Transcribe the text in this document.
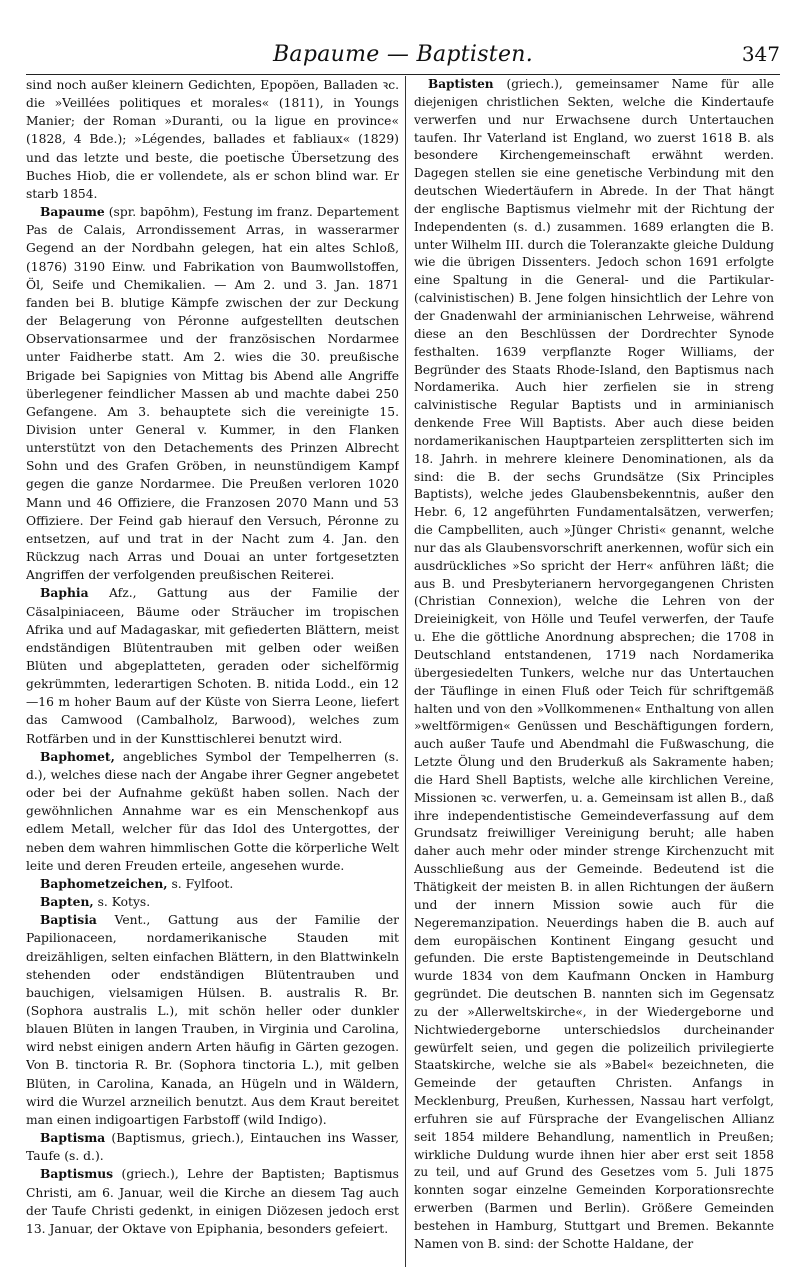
Bapaume — Baptisten.	347

sind noch außer kleinern Gedichten, Epopöen, Balladen ꝛc. die »Veillées politiques et morales« (1811), in Youngs Manier; der Roman »Duranti, ou la ligue en province« (1828, 4 Bde.); »Légendes, ballades et fabliaux« (1829) und das letzte und beste, die poetische Übersetzung des Buches Hiob, die er vollendete, als er schon blind war. Er starb 1854.

Bapaume (spr. bapōhm), Festung im franz. Departement Pas de Calais, Arrondissement Arras, in wasserarmer Gegend an der Nordbahn gelegen, hat ein altes Schloß, (1876) 3190 Einw. und Fabrikation von Baumwollstoffen, Öl, Seife und Chemikalien. — Am 2. und 3. Jan. 1871 fanden bei B. blutige Kämpfe zwischen der zur Deckung der Belagerung von Péronne aufgestellten deutschen Observationsarmee und der französischen Nordarmee unter Faidherbe statt. Am 2. wies die 30. preußische Brigade bei Sapignies von Mittag bis Abend alle Angriffe überlegener feindlicher Massen ab und machte dabei 250 Gefangene. Am 3. behauptete sich die vereinigte 15. Division unter General v. Kummer, in den Flanken unterstützt von den Detachements des Prinzen Albrecht Sohn und des Grafen Gröben, in neunstündigem Kampf gegen die ganze Nordarmee. Die Preußen verloren 1020 Mann und 46 Offiziere, die Franzosen 2070 Mann und 53 Offiziere. Der Feind gab hierauf den Versuch, Péronne zu entsetzen, auf und trat in der Nacht zum 4. Jan. den Rückzug nach Arras und Douai an unter fortgesetzten Angriffen der verfolgenden preußischen Reiterei.

Baphia Afz., Gattung aus der Familie der Cäsalpiniaceen, Bäume oder Sträucher im tropischen Afrika und auf Madagaskar, mit gefiederten Blättern, meist endständigen Blütentrauben mit gelben oder weißen Blüten und abgeplatteten, geraden oder sichelförmig gekrümmten, lederartigen Schoten. B. nitida Lodd., ein 12—16 m hoher Baum auf der Küste von Sierra Leone, liefert das Camwood (Cambalholz, Barwood), welches zum Rotfärben und in der Kunsttischlerei benutzt wird.

Baphomet, angebliches Symbol der Tempelherren (s. d.), welches diese nach der Angabe ihrer Gegner angebetet oder bei der Aufnahme geküßt haben sollen. Nach der gewöhnlichen Annahme war es ein Menschenkopf aus edlem Metall, welcher für das Idol des Untergottes, der neben dem wahren himmlischen Gotte die körperliche Welt leite und deren Freuden erteile, angesehen wurde.

Baphometzeichen, s. Fylfoot.

Bapten, s. Kotys.

Baptisia Vent., Gattung aus der Familie der Papilionaceen, nordamerikanische Stauden mit dreizähligen, selten einfachen Blättern, in den Blattwinkeln stehenden oder endständigen Blütentrauben und bauchigen, vielsamigen Hülsen. B. australis R. Br. (Sophora australis L.), mit schön heller oder dunkler blauen Blüten in langen Trauben, in Virginia und Carolina, wird nebst einigen andern Arten häufig in Gärten gezogen. Von B. tinctoria R. Br. (Sophora tinctoria L.), mit gelben Blüten, in Carolina, Kanada, an Hügeln und in Wäldern, wird die Wurzel arzneilich benutzt. Aus dem Kraut bereitet man einen indigoartigen Farbstoff (wild Indigo).

Baptisma (Baptismus, griech.), Eintauchen ins Wasser, Taufe (s. d.).

Baptismus (griech.), Lehre der Baptisten; Baptismus Christi, am 6. Januar, weil die Kirche an diesem Tag auch der Taufe Christi gedenkt, in einigen Diözesen jedoch erst 13. Januar, der Oktave von Epiphania, besonders gefeiert.

Baptisten (griech.), gemeinsamer Name für alle diejenigen christlichen Sekten, welche die Kindertaufe verwerfen und nur Erwachsene durch Untertauchen taufen. Ihr Vaterland ist England, wo zuerst 1618 B. als besondere Kirchengemeinschaft erwähnt werden. Dagegen stellen sie eine genetische Verbindung mit den deutschen Wiedertäufern in Abrede. In der That hängt der englische Baptismus vielmehr mit der Richtung der Independenten (s. d.) zusammen. 1689 erlangten die B. unter Wilhelm III. durch die Toleranzakte gleiche Duldung wie die übrigen Dissenters. Jedoch schon 1691 erfolgte eine Spaltung in die General- und die Partikular- (calvinistischen) B. Jene folgen hinsichtlich der Lehre von der Gnadenwahl der arminianischen Lehrweise, während diese an den Beschlüssen der Dordrechter Synode festhalten. 1639 verpflanzte Roger Williams, der Begründer des Staats Rhode-Island, den Baptismus nach Nordamerika. Auch hier zerfielen sie in streng calvinistische Regular Baptists und in arminianisch denkende Free Will Baptists. Aber auch diese beiden nordamerikanischen Hauptparteien zersplitterten sich im 18. Jahrh. in mehrere kleinere Denominationen, als da sind: die B. der sechs Grundsätze (Six Principles Baptists), welche jedes Glaubensbekenntnis, außer den Hebr. 6, 12 angeführten Fundamentalsätzen, verwerfen; die Campbelliten, auch »Jünger Christi« genannt, welche nur das als Glaubensvorschrift anerkennen, wofür sich ein ausdrückliches »So spricht der Herr« anführen läßt; die aus B. und Presbyterianern hervorgegangenen Christen (Christian Connexion), welche die Lehren von der Dreieinigkeit, von Hölle und Teufel verwerfen, der Taufe u. Ehe die göttliche Anordnung absprechen; die 1708 in Deutschland entstandenen, 1719 nach Nordamerika übergesiedelten Tunkers, welche nur das Untertauchen der Täuflinge in einen Fluß oder Teich für schriftgemäß halten und von den »Vollkommenen« Enthaltung von allen »weltförmigen« Genüssen und Beschäftigungen fordern, auch außer Taufe und Abendmahl die Fußwaschung, die Letzte Ölung und den Bruderkuß als Sakramente haben; die Hard Shell Baptists, welche alle kirchlichen Vereine, Missionen ꝛc. verwerfen, u. a. Gemeinsam ist allen B., daß ihre independentistische Gemeindeverfassung auf dem Grundsatz freiwilliger Vereinigung beruht; alle haben daher auch mehr oder minder strenge Kirchenzucht mit Ausschließung aus der Gemeinde. Bedeutend ist die Thätigkeit der meisten B. in allen Richtungen der äußern und der innern Mission sowie auch für die Negeremanzipation. Neuerdings haben die B. auch auf dem europäischen Kontinent Eingang gesucht und gefunden. Die erste Baptistengemeinde in Deutschland wurde 1834 von dem Kaufmann Oncken in Hamburg gegründet. Die deutschen B. nannten sich im Gegensatz zu der »Allerweltskirche«, in der Wiedergeborne und Nichtwiedergeborne unterschiedslos durcheinander gewürfelt seien, und gegen die polizeilich privilegierte Staatskirche, welche sie als »Babel« bezeichneten, die Gemeinde der getauften Christen. Anfangs in Mecklenburg, Preußen, Kurhessen, Nassau hart verfolgt, erfuhren sie auf Fürsprache der Evangelischen Allianz seit 1854 mildere Behandlung, namentlich in Preußen; wirkliche Duldung wurde ihnen hier aber erst seit 1858 zu teil, und auf Grund des Gesetzes vom 5. Juli 1875 konnten sogar einzelne Gemeinden Korporationsrechte erwerben (Barmen und Berlin). Größere Gemeinden bestehen in Hamburg, Stuttgart und Bremen. Bekannte Namen von B. sind: der Schotte Haldane, der
